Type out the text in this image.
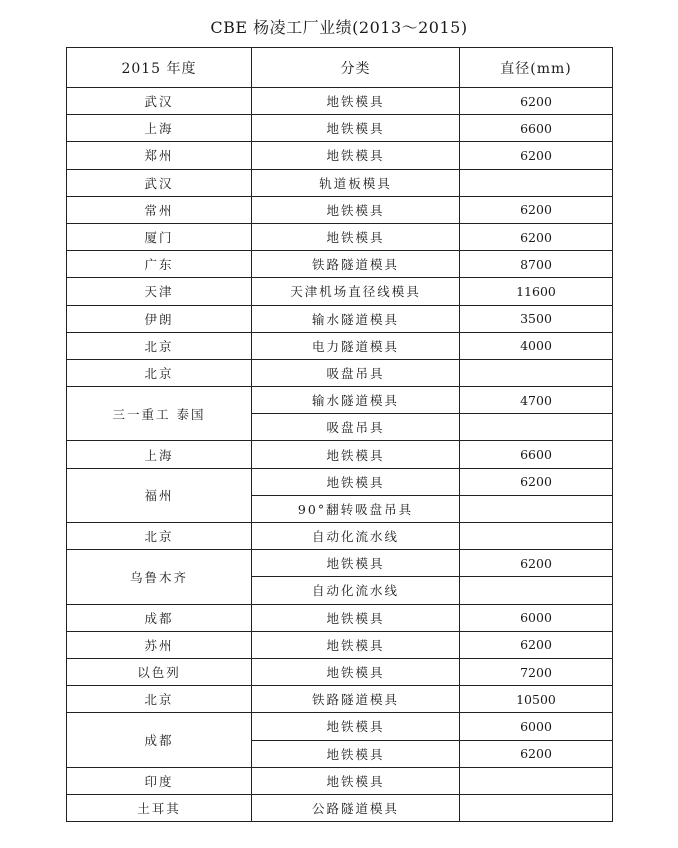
CBE 杨凌工厂业绩(2013～2015)
2015 年度	分类	直径(mm)
武汉	地铁模具	6200
上海	地铁模具	6600
郑州	地铁模具	6200
武汉	轨道板模具	
常州	地铁模具	6200
厦门	地铁模具	6200
广东	铁路隧道模具	8700
天津	天津机场直径线模具	11600
伊朗	输水隧道模具	3500
北京	电力隧道模具	4000
北京	吸盘吊具	
三一重工 泰国	输水隧道模具	4700
	吸盘吊具	
上海	地铁模具	6600
福州	地铁模具	6200
	90°翻转吸盘吊具	
北京	自动化流水线	
乌鲁木齐	地铁模具	6200
	自动化流水线	
成都	地铁模具	6000
苏州	地铁模具	6200
以色列	地铁模具	7200
北京	铁路隧道模具	10500
成都	地铁模具	6000
	地铁模具	6200
印度	地铁模具	
土耳其	公路隧道模具	
